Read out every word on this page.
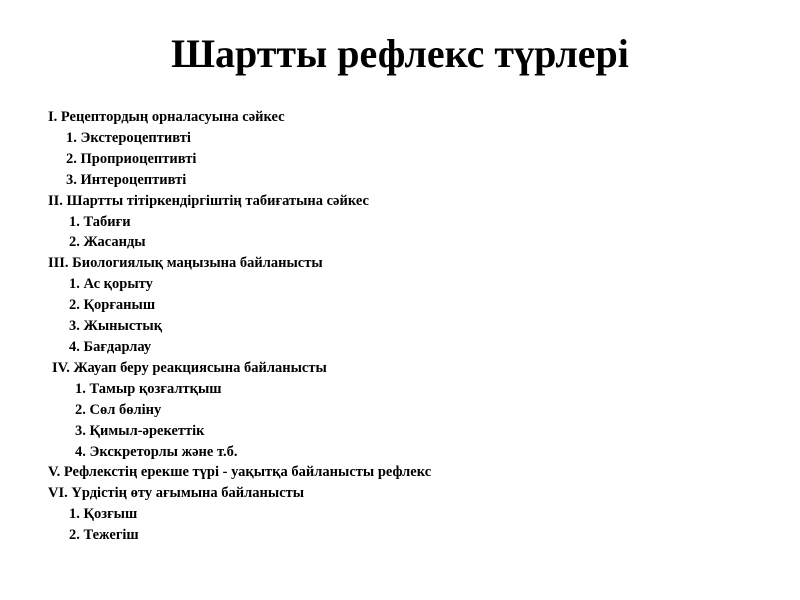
Шартты рефлекс түрлері
I. Рецептордың орналасуына сәйкес
1. Экстероцептивті
2. Проприоцептивті
3. Интероцептивті
II. Шартты тітіркендіргіштің табиғатына сәйкес
1. Табиғи
2. Жасанды
III. Биологиялық маңызына байланысты
1. Ас қорыту
2. Қорғаныш
3. Жыныстық
4. Бағдарлау
IV. Жауап беру реакциясына байланысты
1. Тамыр қозғалтқыш
2. Сөл бөліну
3. Қимыл-әрекеттік
4. Экскреторлы және т.б.
V. Рефлекстің ерекше түрі - уақытқа байланысты рефлекс
VI. Үрдістің өту ағымына байланысты
1. Қозғыш
2. Тежегіш
